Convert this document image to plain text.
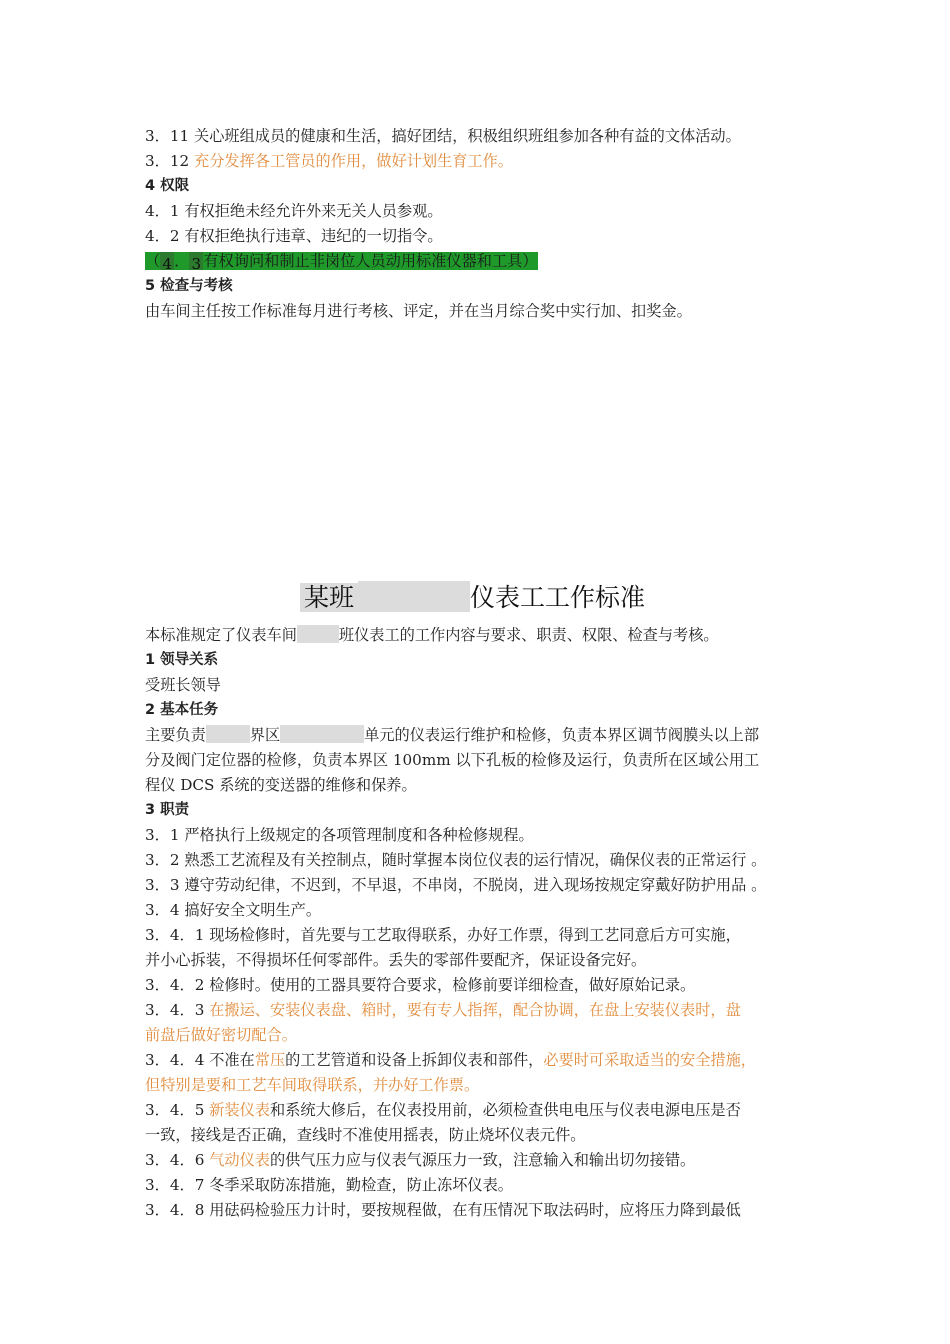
3．11 关心班组成员的健康和生活，搞好团结，积极组织班组参加各种有益的文体活动。
3．12 充分发挥各工管员的作用，做好计划生育工作。
4 权限
4．1 有权拒绝未经允许外来无关人员参观。
4．2 有权拒绝执行违章、违纪的一切指令。
（ 4 ． 3 有权询问和制止非岗位人员动用标准仪器和工具）
5 检查与考核
由车间主任按工作标准每月进行考核、评定，并在当月综合奖中实行加、扣奖金。
某班	仪表工工作标准
本标准规定了仪表车间	班仪表工的工作内容与要求、职责、权限、检查与考核。
1 领导关系
受班长领导
2 基本任务
主要负责	界区	单元的仪表运行维护和检修，负责本界区调节阀膜头以上部
分及阀门定位器的检修，负责本界区 100mm 以下孔板的检修及运行，负责所在区域公用工
程仪 DCS 系统的变送器的维修和保养。
3 职责
3．1 严格执行上级规定的各项管理制度和各种检修规程。
3．2 熟悉工艺流程及有关控制点，随时掌握本岗位仪表的运行情况，确保仪表的正常运行 。
3．3 遵守劳动纪律，不迟到，不早退，不串岗，不脱岗，进入现场按规定穿戴好防护用品 。
3．4 搞好安全文明生产。
3．4．1 现场检修时，首先要与工艺取得联系，办好工作票，得到工艺同意后方可实施，
并小心拆装，不得损坏任何零部件。丢失的零部件要配齐，保证设备完好。
3．4．2 检修时。使用的工器具要符合要求，检修前要详细检查，做好原始记录。
3．4．3 在搬运、安装仪表盘、箱时，要有专人指挥，配合协调，在盘上安装仪表时，盘
前盘后做好密切配合。
3．4．4 不准在常压的工艺管道和设备上拆卸仪表和部件，必要时可采取适当的安全措施，
但特别是要和工艺车间取得联系，并办好工作票。
3．4．5 新装仪表和系统大修后，在仪表投用前，必须检查供电电压与仪表电源电压是否
一致，接线是否正确，查线时不准使用摇表，防止烧坏仪表元件。
3．4．6 气动仪表的供气压力应与仪表气源压力一致，注意输入和输出切勿接错。
3．4．7 冬季采取防冻措施，勤检查，防止冻坏仪表。
3．4．8 用砝码检验压力计时，要按规程做，在有压情况下取法码时，应将压力降到最低
